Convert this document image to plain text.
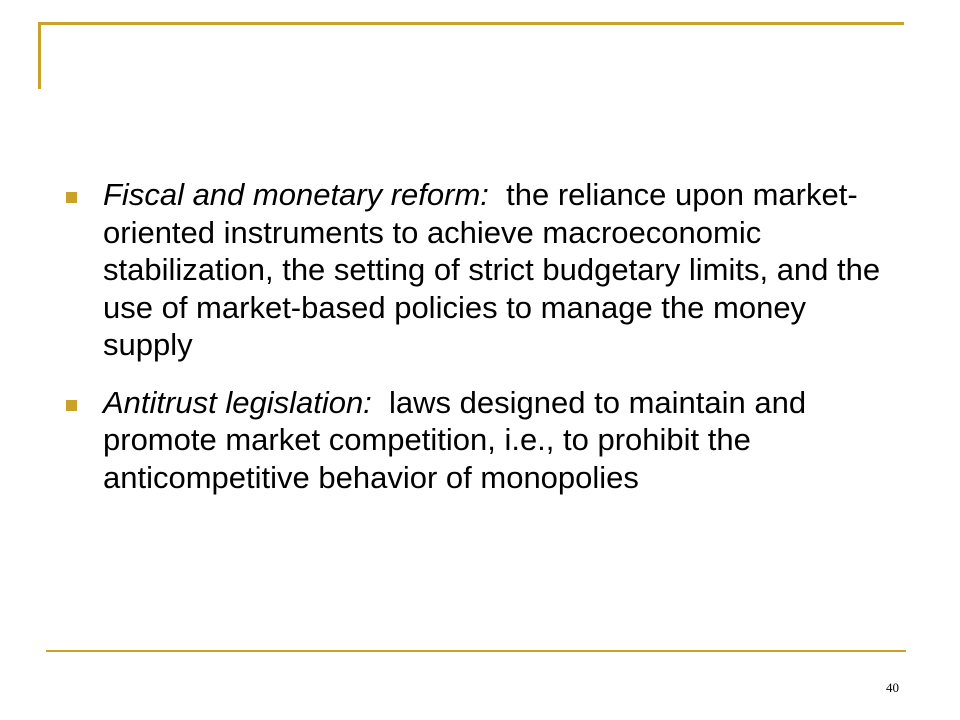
Fiscal and monetary reform: the reliance upon market-oriented instruments to achieve macroeconomic stabilization, the setting of strict budgetary limits, and the use of market-based policies to manage the money supply
Antitrust legislation: laws designed to maintain and promote market competition, i.e., to prohibit the anticompetitive behavior of monopolies
40
